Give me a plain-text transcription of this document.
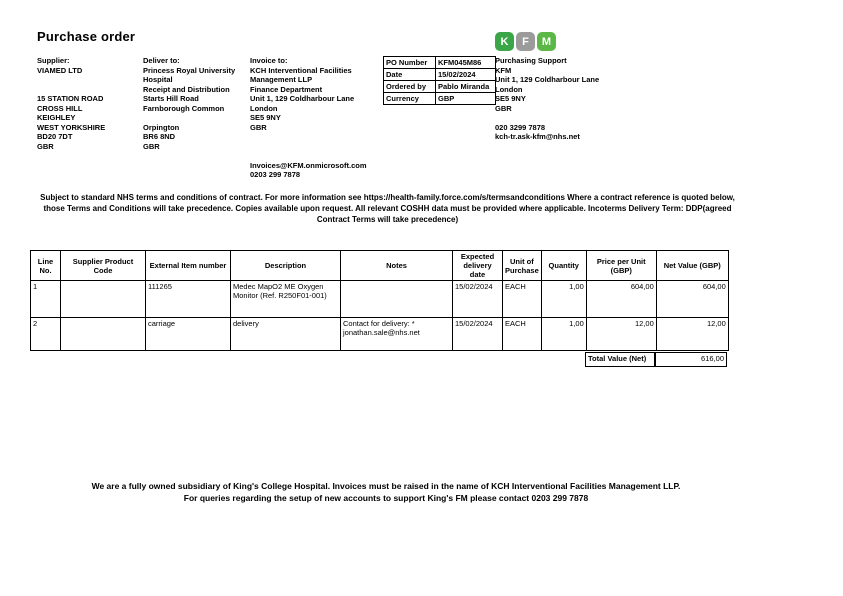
Purchase order	K	F	M
Supplier:
VIAMED LTD
15 STATION ROAD
CROSS HILL
KEIGHLEY
WEST YORKSHIRE
BD20 7DT
GBR
Deliver to:
Princess Royal University
Hospital
Receipt and Distribution
Starts Hill Road
Farnborough Common
Orpington
BR6 8ND
GBR
Invoice to:
KCH Interventional Facilities
Management LLP
Finance Department
Unit 1, 129 Coldharbour Lane
London
SE5 9NY
GBR
Invoices@KFM.onmicrosoft.com
0203 299 7878
PO Number	KFM045M86
Date	15/02/2024
Ordered by	Pablo Miranda
Currency	GBP
Purchasing Support
KFM
Unit 1, 129 Coldharbour Lane
London
SE5 9NY
GBR
020 3299 7878
kch-tr.ask-kfm@nhs.net
Subject to standard NHS terms and conditions of contract. For more information see https://health-family.force.com/s/termsandconditions Where a contract reference is quoted below, those Terms and Conditions will take precedence. Copies available upon request. All relevant COSHH data must be provided where applicable. Incoterms Delivery Term: DDP(agreed Contract Terms will take precedence)
Line No.	Supplier Product Code	External Item number	Description	Notes	Expected delivery date	Unit of Purchase	Quantity	Price per Unit (GBP)	Net Value (GBP)
1		111265	Medec MapO2 ME Oxygen Monitor (Ref. R250F01-001)		15/02/2024	EACH	1,00	604,00	604,00
2		carriage	delivery	Contact for delivery: * jonathan.sale@nhs.net	15/02/2024	EACH	1,00	12,00	12,00
Total Value (Net)	616,00
We are a fully owned subsidiary of King's College Hospital. Invoices must be raised in the name of KCH Interventional Facilities Management LLP.
For queries regarding the setup of new accounts to support King's FM please contact 0203 299 7878
